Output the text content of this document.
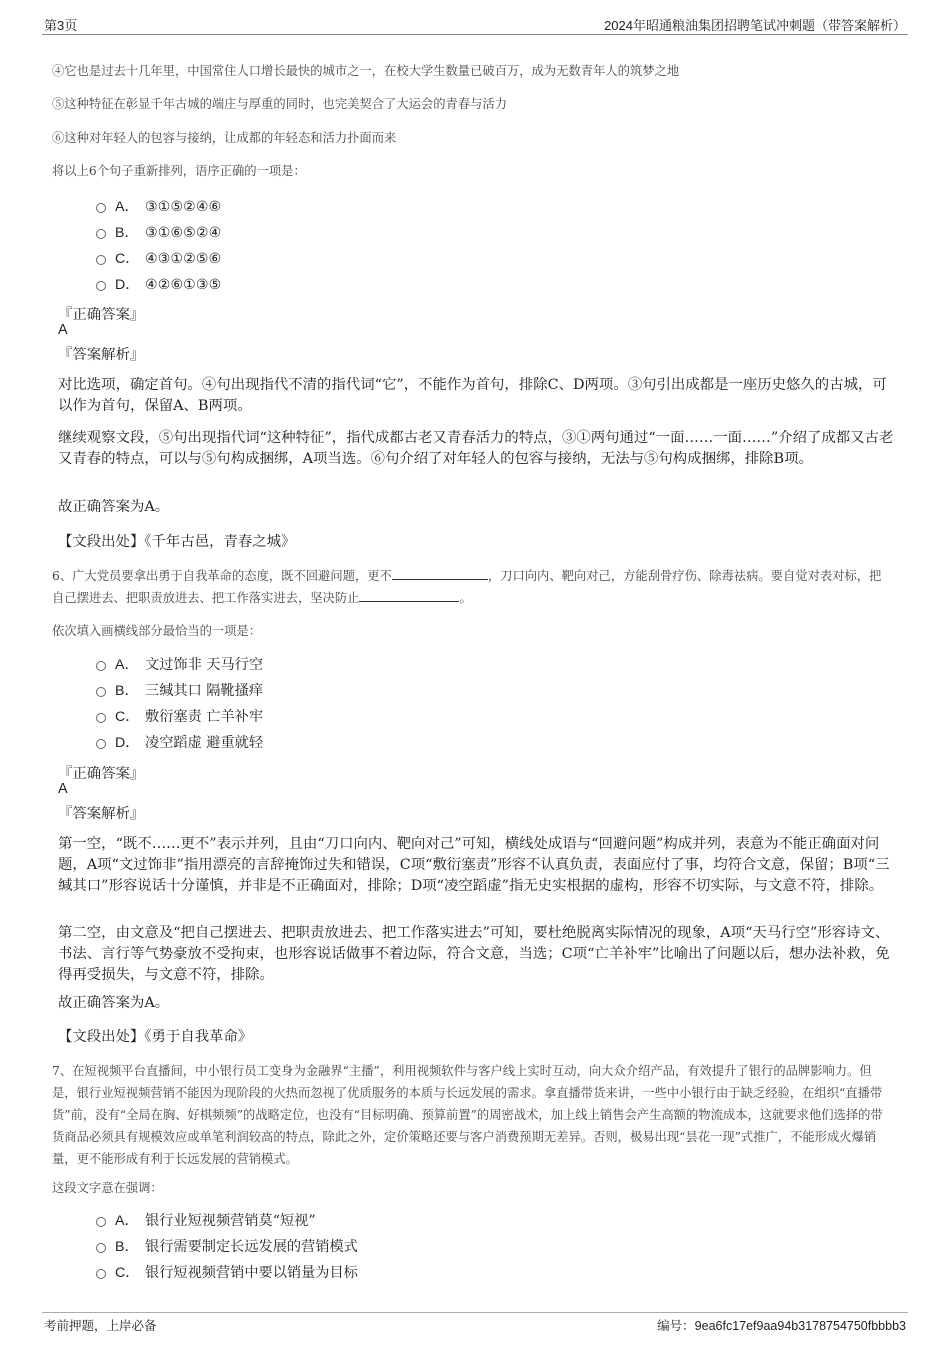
第3页	2024年昭通粮油集团招聘笔试冲刺题（带答案解析）
④它也是过去十几年里，中国常住人口增长最快的城市之一，在校大学生数量已破百万，成为无数青年人的筑梦之地
⑤这种特征在彰显千年古城的端庄与厚重的同时，也完美契合了大运会的青春与活力
⑥这种对年轻人的包容与接纳，让成都的年轻态和活力扑面而来
将以上6个句子重新排列，语序正确的一项是：
A． ③①⑤②④⑥
B． ③①⑥⑤②④
C． ④③①②⑤⑥
D． ④②⑥①③⑤
『正确答案』
A
『答案解析』
对比选项，确定首句。④句出现指代不清的指代词“它”，不能作为首句，排除C、D两项。③句引出成都是一座历史悠久的古城，可以作为首句，保留A、B两项。
继续观察文段，⑤句出现指代词“这种特征”，指代成都古老又青春活力的特点，③①两句通过“一面……一面……”介绍了成都又古老又青春的特点，可以与⑤句构成捆绑，A项当选。⑥句介绍了对年轻人的包容与接纳，无法与⑤句构成捆绑，排除B项。
故正确答案为A。
【文段出处】《千年古邑，青春之城》
6、广大党员要拿出勇于自我革命的态度，既不回避问题，更不	，刀口向内、靶向对己，方能刮骨疗伤、除毒祛病。要自觉对表对标，把自己摆进去、把职责放进去、把工作落实进去，坚决防止	。
依次填入画横线部分最恰当的一项是：
A． 文过饰非 天马行空
B． 三缄其口 隔靴搔痒
C． 敷衍塞责 亡羊补牢
D． 凌空蹈虚 避重就轻
『正确答案』
A
『答案解析』
第一空，“既不……更不”表示并列，且由“刀口向内、靶向对己”可知，横线处成语与“回避问题”构成并列，表意为不能正确面对问题，A项“文过饰非”指用漂亮的言辞掩饰过失和错误，C项“敷衍塞责”形容不认真负责，表面应付了事，均符合文意，保留；B项“三缄其口”形容说话十分谨慎，并非是不正确面对，排除；D项“凌空蹈虚”指无史实根据的虚构，形容不切实际，与文意不符，排除。
第二空，由文意及“把自己摆进去、把职责放进去、把工作落实进去”可知，要杜绝脱离实际情况的现象，A项“天马行空”形容诗文、书法、言行等气势豪放不受拘束，也形容说话做事不着边际，符合文意，当选；C项“亡羊补牢”比喻出了问题以后，想办法补救，免得再受损失，与文意不符，排除。
故正确答案为A。
【文段出处】《勇于自我革命》
7、在短视频平台直播间，中小银行员工变身为金融界“主播”，利用视频软件与客户线上实时互动，向大众介绍产品，有效提升了银行的品牌影响力。但是，银行业短视频营销不能因为现阶段的火热而忽视了优质服务的本质与长远发展的需求。拿直播带货来讲，一些中小银行由于缺乏经验，在组织“直播带货”前，没有“全局在胸、好棋频频”的战略定位，也没有“目标明确、预算前置”的周密战术，加上线上销售会产生高额的物流成本，这就要求他们选择的带货商品必须具有规模效应或单笔利润较高的特点，除此之外，定价策略还要与客户消费预期无差异。否则，极易出现“昙花一现”式推广，不能形成火爆销量，更不能形成有利于长远发展的营销模式。
这段文字意在强调：
A． 银行业短视频营销莫“短视”
B． 银行需要制定长远发展的营销模式
C． 银行短视频营销中要以销量为目标
考前押题，上岸必备	编号：9ea6fc17ef9aa94b3178754750fbbbb3
